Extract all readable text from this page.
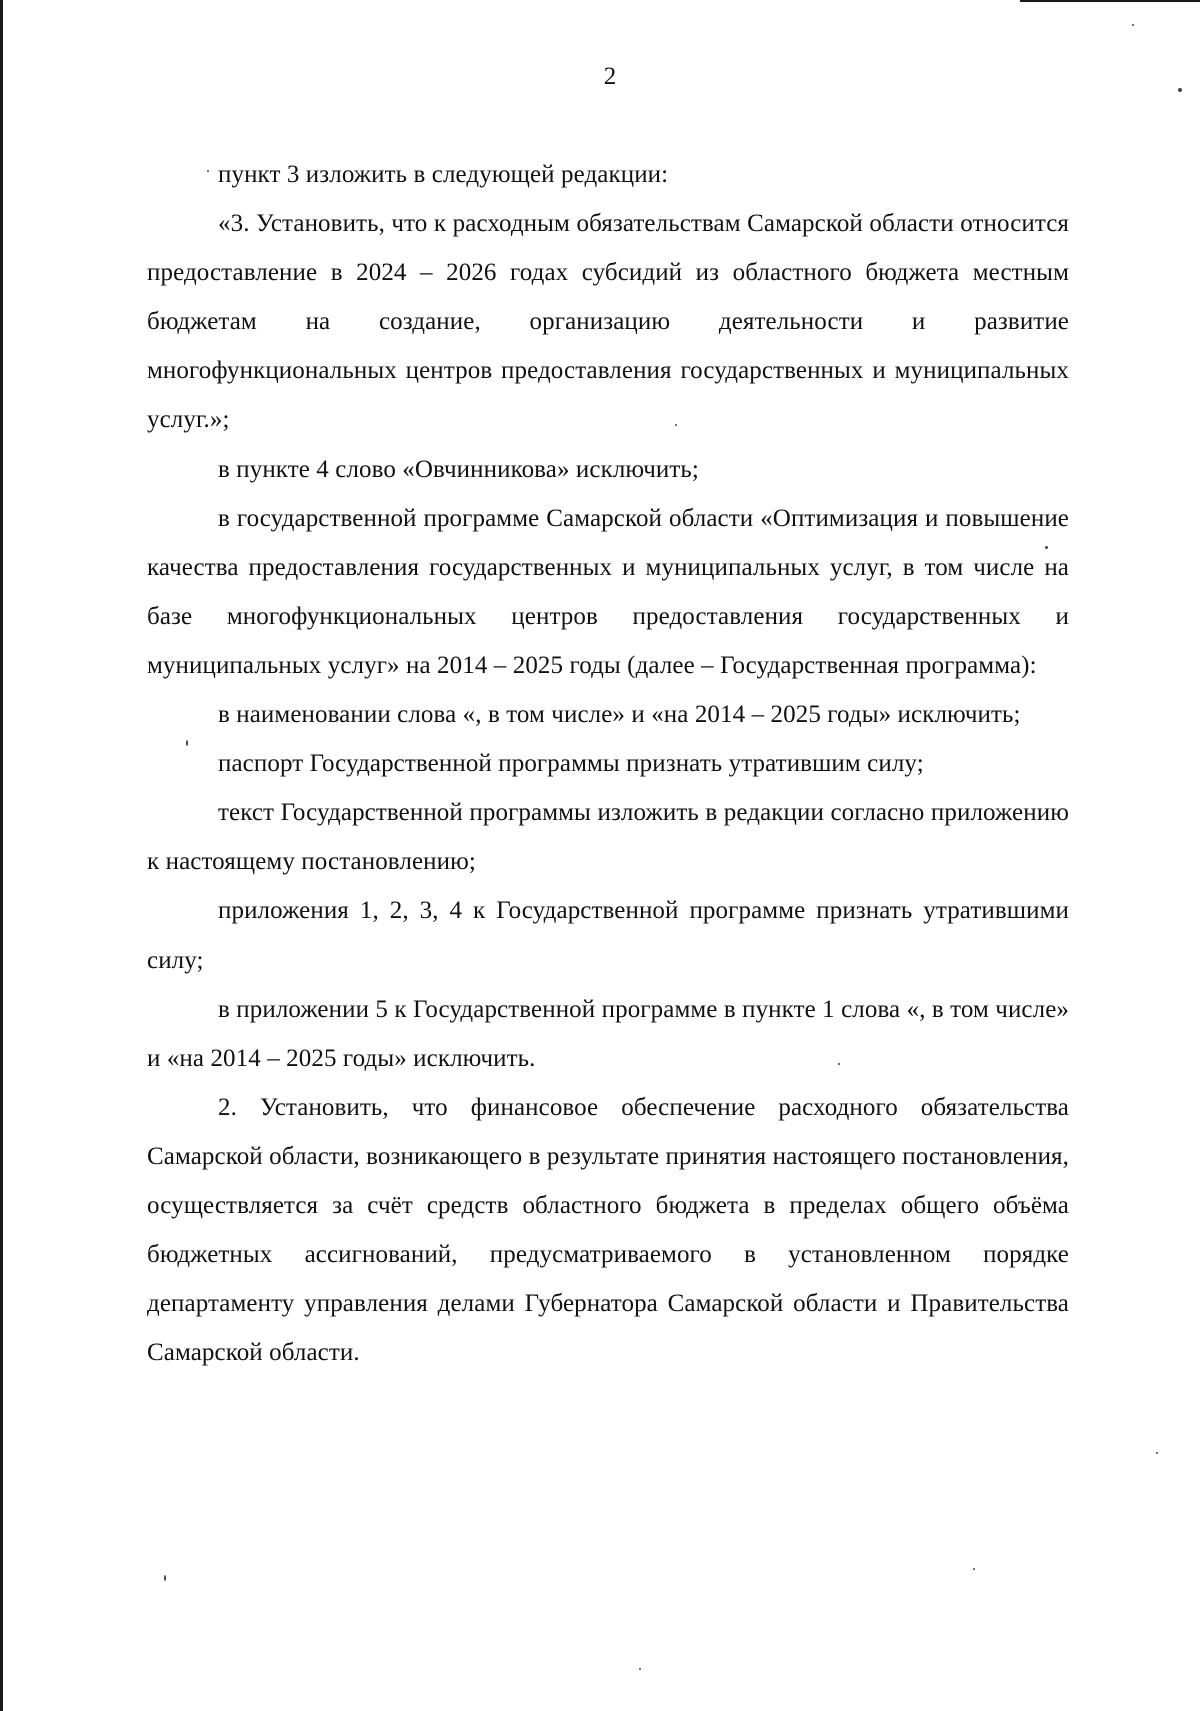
2

пункт 3 изложить в следующей редакции:

«3. Установить, что к расходным обязательствам Самарской области относится предоставление в 2024 – 2026 годах субсидий из областного бюджета местным бюджетам на создание, организацию деятельности и развитие многофункциональных центров предоставления государственных и муниципальных услуг.»;

в пункте 4 слово «Овчинникова» исключить;

в государственной программе Самарской области «Оптимизация и повышение качества предоставления государственных и муниципальных услуг, в том числе на базе многофункциональных центров предоставления государственных и муниципальных услуг» на 2014 – 2025 годы (далее – Государственная программа):

в наименовании слова «, в том числе» и «на 2014 – 2025 годы» исключить;

паспорт Государственной программы признать утратившим силу;

текст Государственной программы изложить в редакции согласно приложению к настоящему постановлению;

приложения 1, 2, 3, 4 к Государственной программе признать утратившими силу;

в приложении 5 к Государственной программе в пункте 1 слова «, в том числе» и «на 2014 – 2025 годы» исключить.

2. Установить, что финансовое обеспечение расходного обязательства Самарской области, возникающего в результате принятия настоящего постановления, осуществляется за счёт средств областного бюджета в пределах общего объёма бюджетных ассигнований, предусматриваемого в установленном порядке департаменту управления делами Губернатора Самарской области и Правительства Самарской области.
